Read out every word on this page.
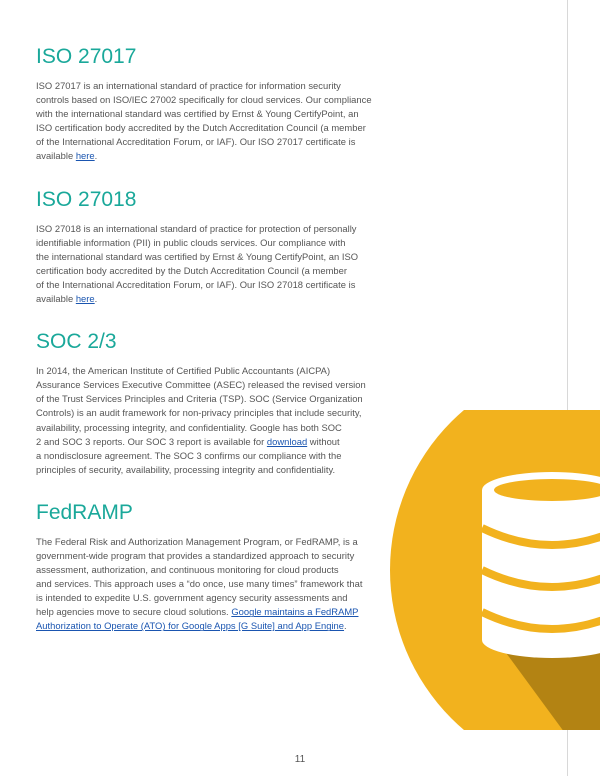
ISO 27017

ISO 27017 is an international standard of practice for information security
controls based on ISO/IEC 27002 specifically for cloud services. Our compliance
with the international standard was certified by Ernst & Young CertifyPoint, an
ISO certification body accredited by the Dutch Accreditation Council (a member
of the International Accreditation Forum, or IAF). Our ISO 27017 certificate is
available here.

ISO 27018

ISO 27018 is an international standard of practice for protection of personally
identifiable information (PII) in public clouds services. Our compliance with
the international standard was certified by Ernst & Young CertifyPoint, an ISO
certification body accredited by the Dutch Accreditation Council (a member
of the International Accreditation Forum, or IAF). Our ISO 27018 certificate is
available here.

SOC 2/3

In 2014, the American Institute of Certified Public Accountants (AICPA)
Assurance Services Executive Committee (ASEC) released the revised version
of the Trust Services Principles and Criteria (TSP). SOC (Service Organization
Controls) is an audit framework for non-privacy principles that include security,
availability, processing integrity, and confidentiality. Google has both SOC
2 and SOC 3 reports. Our SOC 3 report is available for download without
a nondisclosure agreement. The SOC 3 confirms our compliance with the
principles of security, availability, processing integrity and confidentiality.

FedRAMP

The Federal Risk and Authorization Management Program, or FedRAMP, is a
government-wide program that provides a standardized approach to security
assessment, authorization, and continuous monitoring for cloud products
and services. This approach uses a “do once, use many times” framework that
is intended to expedite U.S. government agency security assessments and
help agencies move to secure cloud solutions. Google maintains a FedRAMP
Authorization to Operate (ATO) for Google Apps [G Suite] and App Engine.

11
